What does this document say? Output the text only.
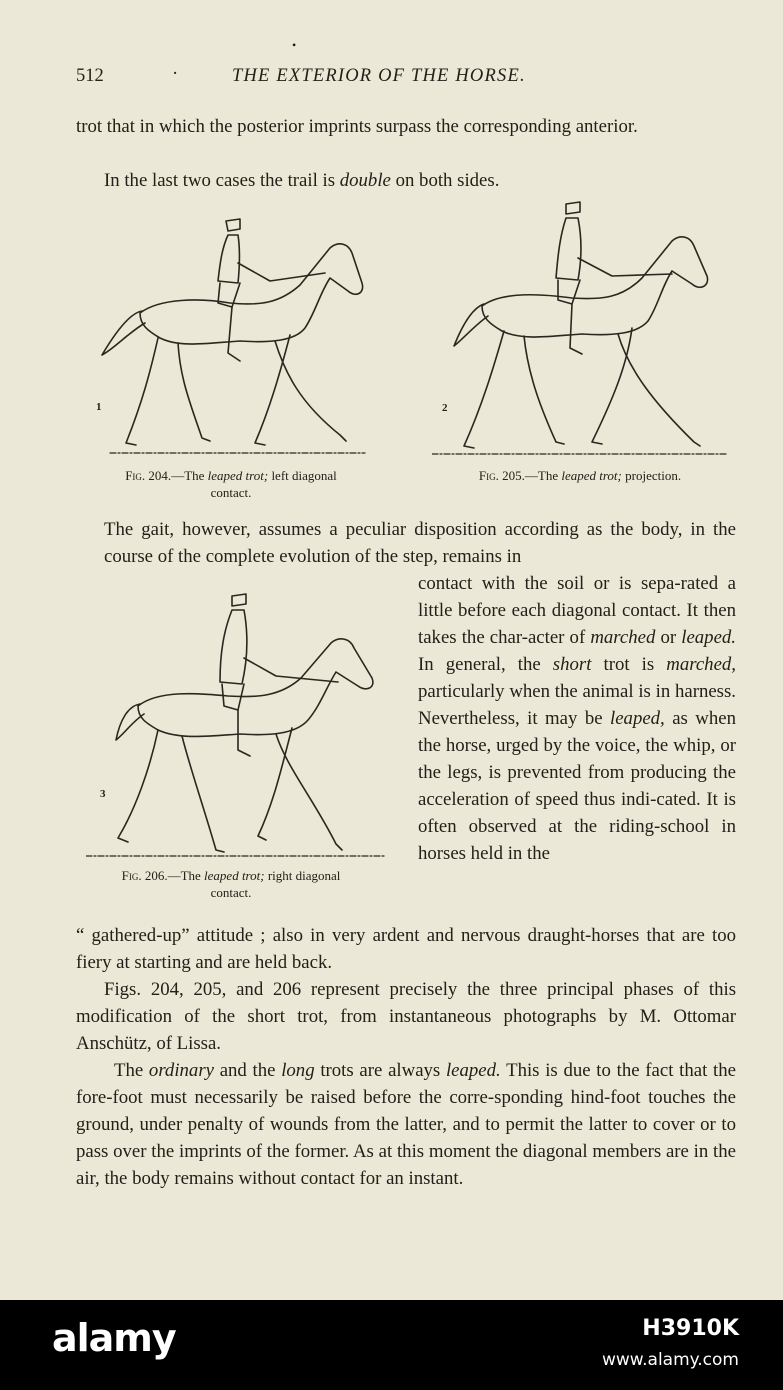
•
512	·	THE EXTERIOR OF THE HORSE.

trot that in which the posterior imprints surpass the corresponding anterior.

In the last two cases the trail is double on both sides.

1
Fig. 204.—The leaped trot; left diagonal
contact.
2
Fig. 205.—The leaped trot; projection.

The gait, however, assumes a peculiar disposition according as the body, in the course of the complete evolution of the step, remains in

3
Fig. 206.—The leaped trot; right diagonal
contact.

contact with the soil or is sepa-rated a little before each diagonal contact. It then takes the char-acter of marched or leaped. In general, the short trot is marched, particularly when the animal is in harness. Nevertheless, it may be leaped, as when the horse, urged by the voice, the whip, or the legs, is prevented from producing the acceleration of speed thus indi-cated. It is often observed at the riding-school in horses held in the

“ gathered-up” attitude ; also in very ardent and nervous draught-horses that are too fiery at starting and are held back.

Figs. 204, 205, and 206 represent precisely the three principal phases of this modification of the short trot, from instantaneous photographs by M. Ottomar Anschütz, of Lissa.

The ordinary and the long trots are always leaped. This is due to the fact that the fore-foot must necessarily be raised before the corre-sponding hind-foot touches the ground, under penalty of wounds from the latter, and to permit the latter to cover or to pass over the imprints of the former. As at this moment the diagonal members are in the air, the body remains without contact for an instant.

alamy	H3910K
www.alamy.com
